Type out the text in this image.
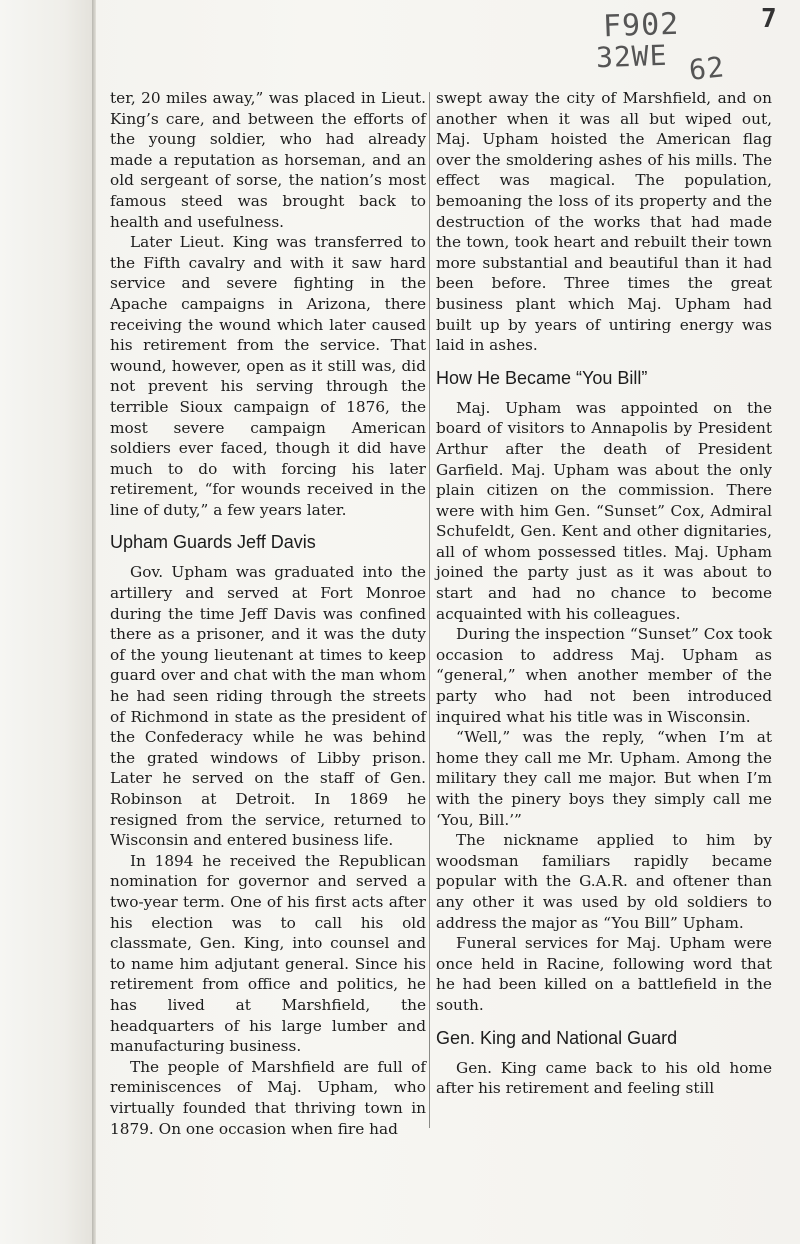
F902
32WE 62
7

ter, 20 miles away,” was placed in Lieut. King’s care, and between the efforts of the young soldier, who had already made a reputation as horseman, and an old sergeant of sorse, the nation’s most famous steed was brought back to health and usefulness.

Later Lieut. King was transferred to the Fifth cavalry and with it saw hard service and severe fighting in the Apache campaigns in Arizona, there receiving the wound which later caused his retirement from the service. That wound, however, open as it still was, did not prevent his serving through the terrible Sioux campaign of 1876, the most severe campaign American soldiers ever faced, though it did have much to do with forcing his later retirement, “for wounds received in the line of duty,” a few years later.

Upham Guards Jeff Davis

Gov. Upham was graduated into the artillery and served at Fort Monroe during the time Jeff Davis was confined there as a prisoner, and it was the duty of the young lieutenant at times to keep guard over and chat with the man whom he had seen riding through the streets of Richmond in state as the president of the Confederacy while he was behind the grated windows of Libby prison. Later he served on the staff of Gen. Robinson at Detroit. In 1869 he resigned from the service, returned to Wisconsin and entered business life.

In 1894 he received the Republican nomination for governor and served a two-year term. One of his first acts after his election was to call his old classmate, Gen. King, into counsel and to name him adjutant general. Since his retirement from office and politics, he has lived at Marshfield, the headquarters of his large lumber and manufacturing business.

The people of Marshfield are full of reminiscences of Maj. Upham, who virtually founded that thriving town in 1879. On one occasion when fire had

swept away the city of Marshfield, and on another when it was all but wiped out, Maj. Upham hoisted the American flag over the smoldering ashes of his mills. The effect was magical. The population, bemoaning the loss of its property and the destruction of the works that had made the town, took heart and rebuilt their town more substantial and beautiful than it had been before. Three times the great business plant which Maj. Upham had built up by years of untiring energy was laid in ashes.

How He Became “You Bill”

Maj. Upham was appointed on the board of visitors to Annapolis by President Arthur after the death of President Garfield. Maj. Upham was about the only plain citizen on the commission. There were with him Gen. “Sunset” Cox, Admiral Schufeldt, Gen. Kent and other dignitaries, all of whom possessed titles. Maj. Upham joined the party just as it was about to start and had no chance to become acquainted with his colleagues.

During the inspection “Sunset” Cox took occasion to address Maj. Upham as “general,” when another member of the party who had not been introduced inquired what his title was in Wisconsin.

“Well,” was the reply, “when I’m at home they call me Mr. Upham. Among the military they call me major. But when I’m with the pinery boys they simply call me ‘You, Bill.’”

The nickname applied to him by woodsman familiars rapidly became popular with the G.A.R. and oftener than any other it was used by old soldiers to address the major as “You Bill” Upham.

Funeral services for Maj. Upham were once held in Racine, following word that he had been killed on a battlefield in the south.

Gen. King and National Guard

Gen. King came back to his old home after his retirement and feeling still
